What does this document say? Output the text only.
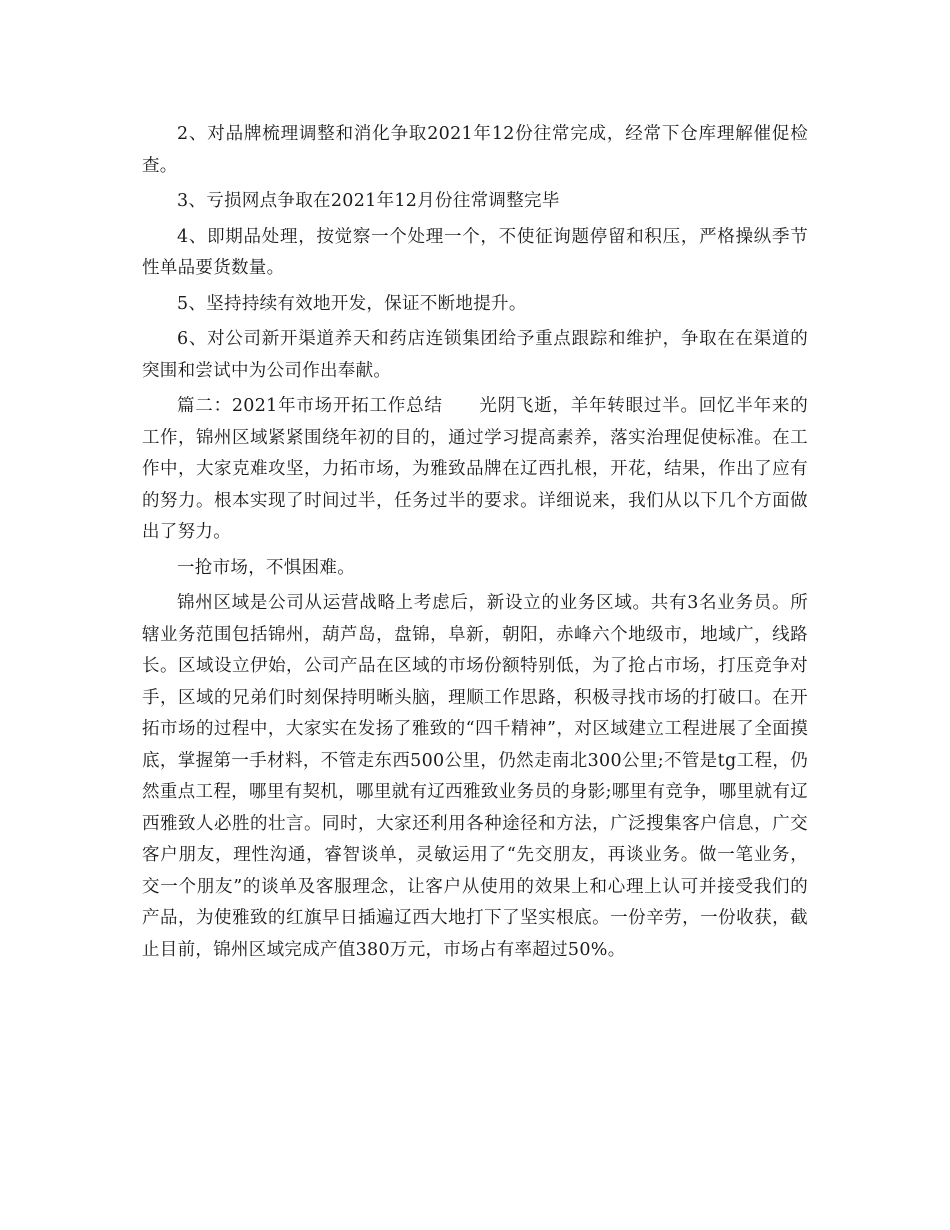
2、对品牌梳理调整和消化争取2021年12份往常完成，经常下仓库理解催促检查。

3、亏损网点争取在2021年12月份往常调整完毕

4、即期品处理，按觉察一个处理一个，不使征询题停留和积压，严格操纵季节性单品要货数量。

5、坚持持续有效地开发，保证不断地提升。

6、对公司新开渠道养天和药店连锁集团给予重点跟踪和维护，争取在在渠道的突围和尝试中为公司作出奉献。

篇二：2021年市场开拓工作总结　　光阴飞逝，羊年转眼过半。回忆半年来的工作，锦州区域紧紧围绕年初的目的，通过学习提高素养，落实治理促使标准。在工作中，大家克难攻坚，力拓市场，为雅致品牌在辽西扎根，开花，结果，作出了应有的努力。根本实现了时间过半，任务过半的要求。详细说来，我们从以下几个方面做出了努力。

一抢市场，不惧困难。

锦州区域是公司从运营战略上考虑后，新设立的业务区域。共有3名业务员。所辖业务范围包括锦州，葫芦岛，盘锦，阜新，朝阳，赤峰六个地级市，地域广，线路长。区域设立伊始，公司产品在区域的市场份额特别低，为了抢占市场，打压竞争对手，区域的兄弟们时刻保持明晰头脑，理顺工作思路，积极寻找市场的打破口。在开拓市场的过程中，大家实在发扬了雅致的“四千精神”，对区域建立工程进展了全面摸底，掌握第一手材料，不管走东西500公里，仍然走南北300公里;不管是tg工程，仍然重点工程，哪里有契机，哪里就有辽西雅致业务员的身影;哪里有竞争，哪里就有辽西雅致人必胜的壮言。同时，大家还利用各种途径和方法，广泛搜集客户信息，广交客户朋友，理性沟通，睿智谈单，灵敏运用了“先交朋友，再谈业务。做一笔业务，交一个朋友”的谈单及客服理念，让客户从使用的效果上和心理上认可并接受我们的产品，为使雅致的红旗早日插遍辽西大地打下了坚实根底。一份辛劳，一份收获，截止目前，锦州区域完成产值380万元，市场占有率超过50%。
